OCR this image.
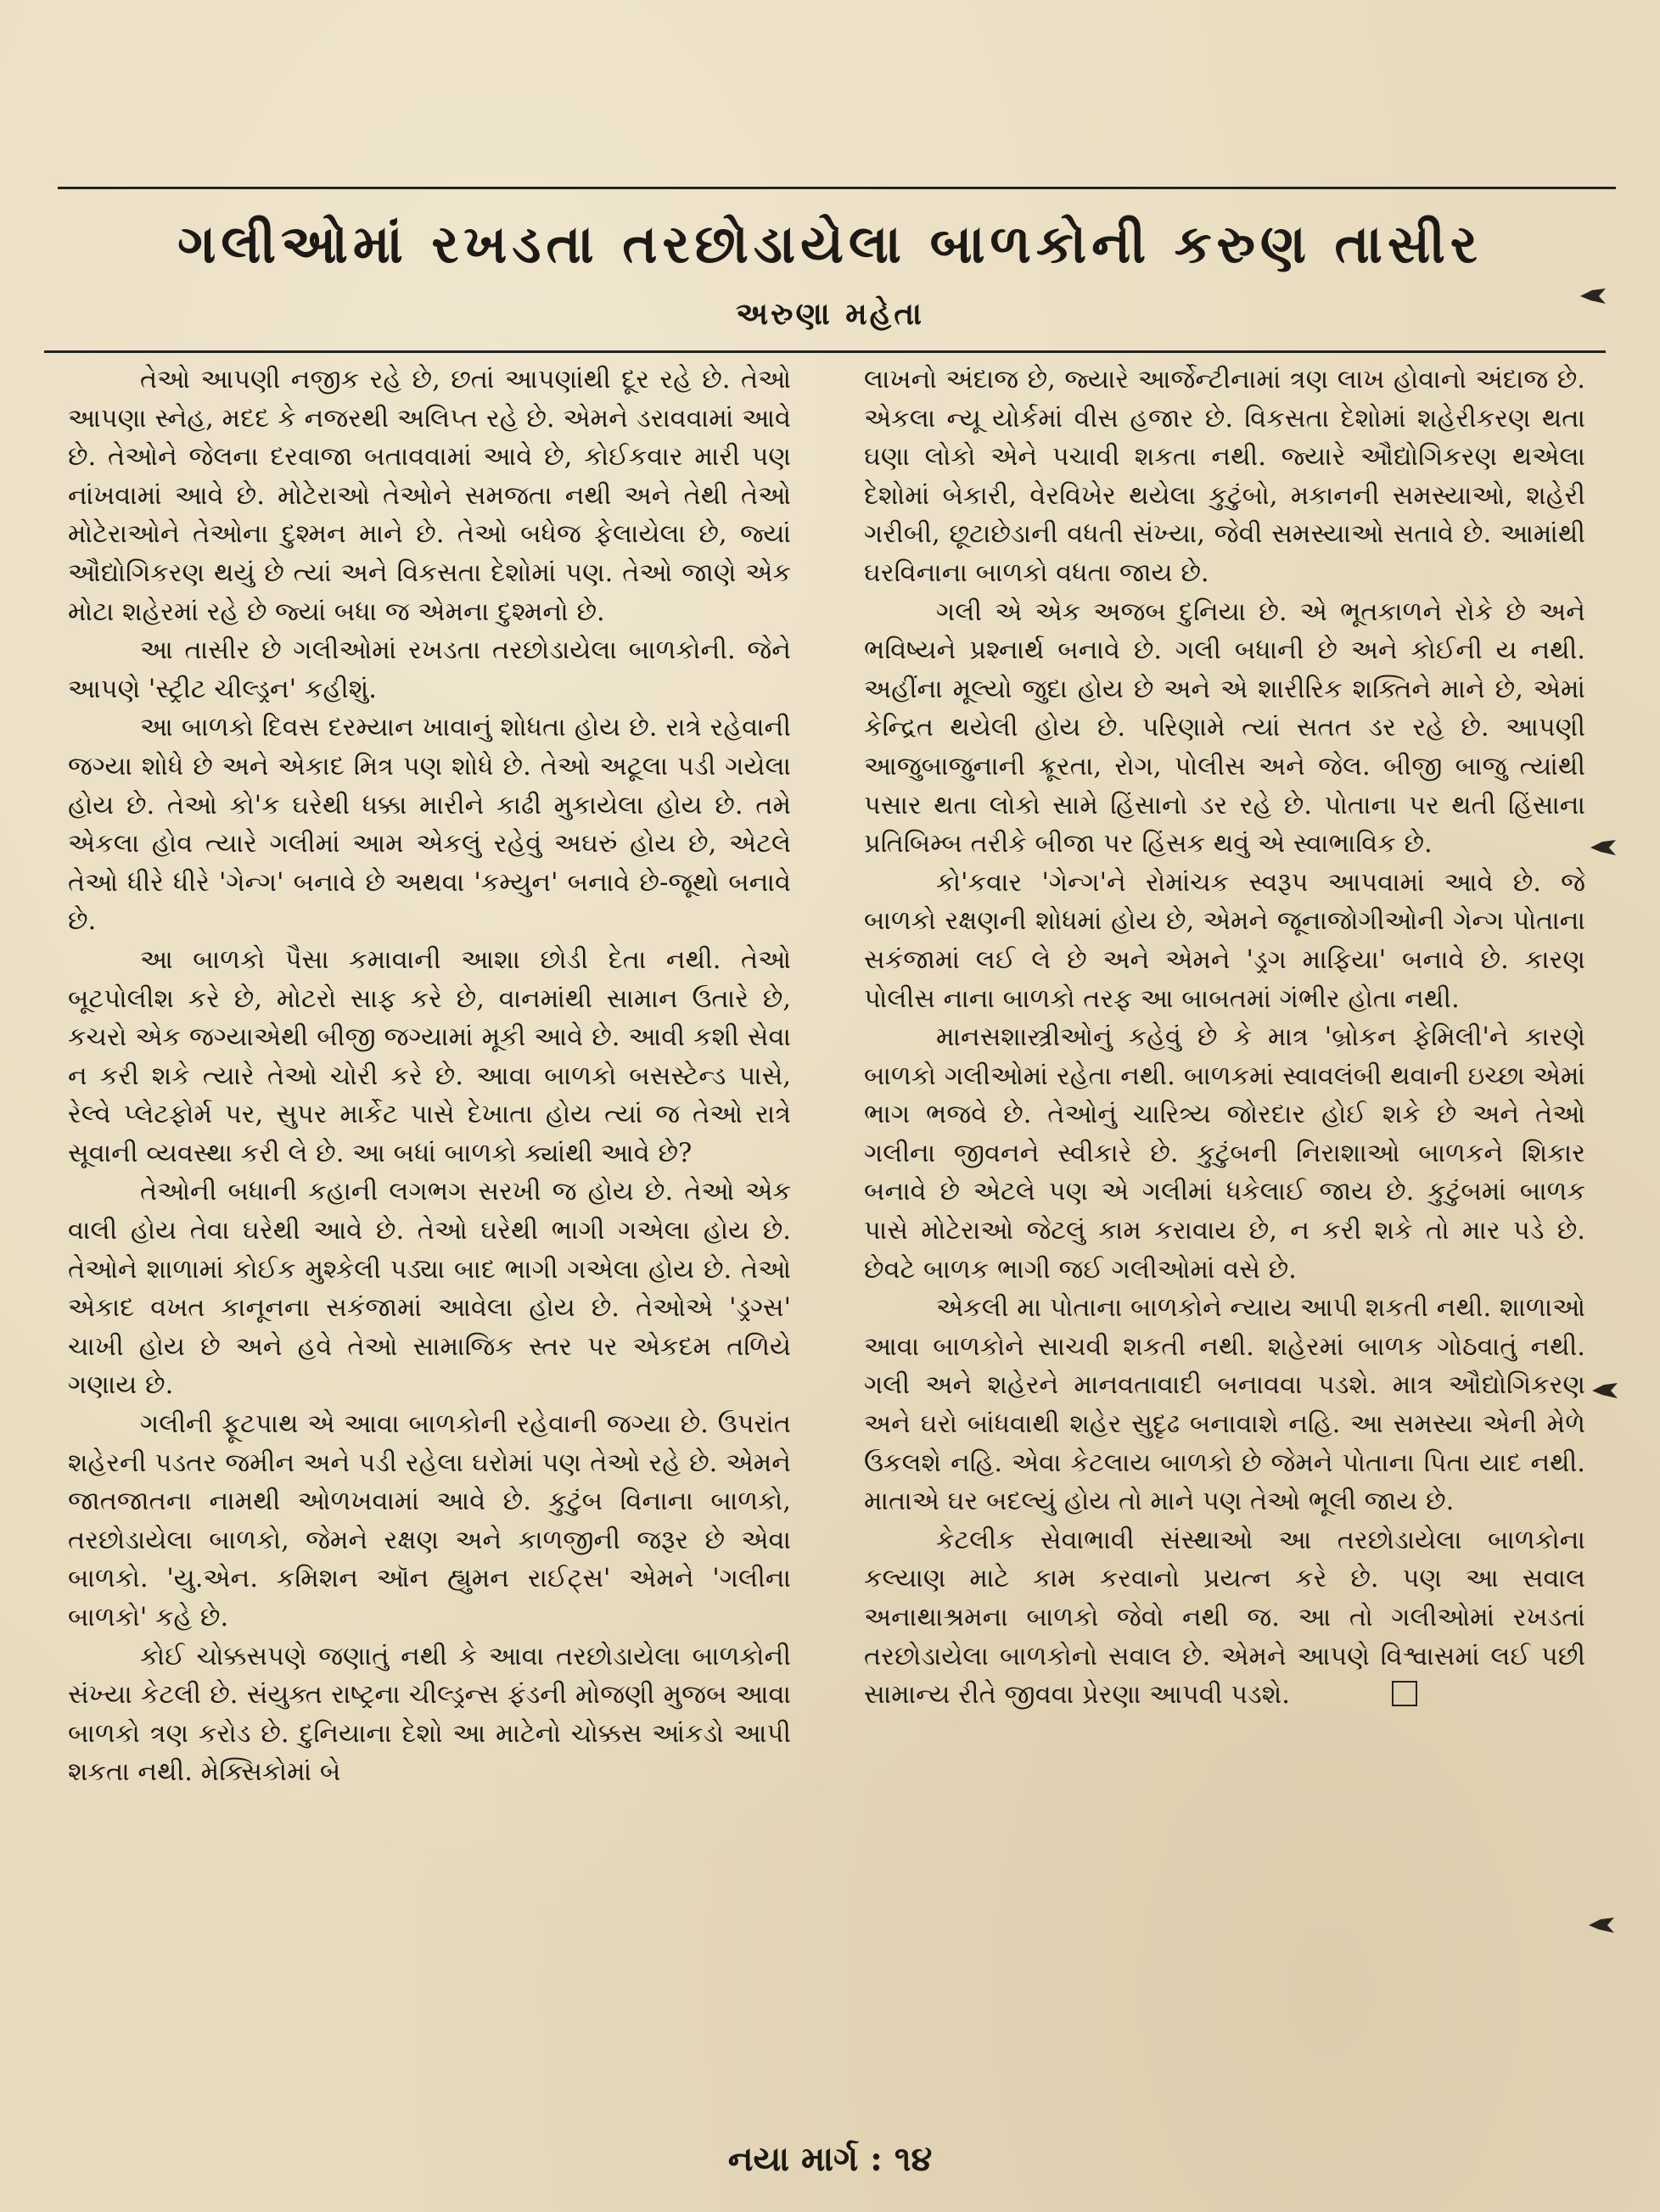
ગલીઓમાં રખડતા તરછોડાયેલા બાળકોની કરુણ તાસીર
અરુણા મહેતા

તેઓ આપણી નજીક રહે છે, છતાં આપણાંથી દૂર રહે છે. તેઓ આપણા સ્નેહ, મદદ કે નજરથી અલિપ્ત રહે છે. એમને ડરાવવામાં આવે છે. તેઓને જેલના દરવાજા બતાવવામાં આવે છે, કોઈકવાર મારી પણ નાંખવામાં આવે છે. મોટેરાઓ તેઓને સમજતા નથી અને તેથી તેઓ મોટેરાઓને તેઓના દુશ્મન માને છે. તેઓ બધેજ ફેલાયેલા છે, જ્યાં ઔદ્યોગિકરણ થયું છે ત્યાં અને વિકસતા દેશોમાં પણ. તેઓ જાણે એક મોટા શહેરમાં રહે છે જ્યાં બધા જ એમના દુશ્મનો છે.

આ તાસીર છે ગલીઓમાં રખડતા તરછોડાયેલા બાળકોની. જેને આપણે 'સ્ટ્રીટ ચીલ્ડ્રન' કહીશું.

આ બાળકો દિવસ દરમ્યાન ખાવાનું શોધતા હોય છે. રાત્રે રહેવાની જગ્યા શોધે છે અને એકાદ મિત્ર પણ શોધે છે. તેઓ અટૂલા પડી ગયેલા હોય છે. તેઓ કો'ક ઘરેથી ધક્કા મારીને કાઢી મુકાયેલા હોય છે. તમે એકલા હોવ ત્યારે ગલીમાં આમ એકલું રહેવું અઘરું હોય છે, એટલે તેઓ ધીરે ધીરે 'ગેન્ગ' બનાવે છે અથવા 'કમ્યુન' બનાવે છે-જૂથો બનાવે છે.

આ બાળકો પૈસા કમાવાની આશા છોડી દેતા નથી. તેઓ બૂટપોલીશ કરે છે, મોટરો સાફ કરે છે, વાનમાંથી સામાન ઉતારે છે, કચરો એક જગ્યાએથી બીજી જગ્યામાં મૂકી આવે છે. આવી કશી સેવા ન કરી શકે ત્યારે તેઓ ચોરી કરે છે. આવા બાળકો બસસ્ટેન્ડ પાસે, રેલ્વે પ્લેટફોર્મ પર, સુપર માર્કેટ પાસે દેખાતા હોય ત્યાં જ તેઓ રાત્રે સૂવાની વ્યવસ્થા કરી લે છે. આ બધાં બાળકો ક્યાંથી આવે છે?

તેઓની બધાની કહાની લગભગ સરખી જ હોય છે. તેઓ એક વાલી હોય તેવા ઘરેથી આવે છે. તેઓ ઘરેથી ભાગી ગએલા હોય છે. તેઓને શાળામાં કોઈક મુશ્કેલી પડ્યા બાદ ભાગી ગએલા હોય છે. તેઓ એકાદ વખત કાનૂનના સકંજામાં આવેલા હોય છે. તેઓએ 'ડ્રગ્સ' ચાખી હોય છે અને હવે તેઓ સામાજિક સ્તર પર એકદમ તળિયે ગણાય છે.

ગલીની ફૂટપાથ એ આવા બાળકોની રહેવાની જગ્યા છે. ઉપરાંત શહેરની પડતર જમીન અને પડી રહેલા ઘરોમાં પણ તેઓ રહે છે. એમને જાતજાતના નામથી ઓળખવામાં આવે છે. કુટુંબ વિનાના બાળકો, તરછોડાયેલા બાળકો, જેમને રક્ષણ અને કાળજીની જરૂર છે એવા બાળકો. 'યુ.એન. કમિશન ઑન હ્યુમન રાઈટ્સ' એમને 'ગલીના બાળકો' કહે છે.

કોઈ ચોક્કસપણે જણાતું નથી કે આવા તરછોડાયેલા બાળકોની સંખ્યા કેટલી છે. સંયુક્ત રાષ્ટ્રના ચીલ્ડ્રન્સ ફંડની મોજણી મુજબ આવા બાળકો ત્રણ કરોડ છે. દુનિયાના દેશો આ માટેનો ચોક્કસ આંકડો આપી શકતા નથી. મેક્સિકોમાં બે

લાખનો અંદાજ છે, જ્યારે આર્જેન્ટીનામાં ત્રણ લાખ હોવાનો અંદાજ છે. એકલા ન્યૂ યોર્કમાં વીસ હજાર છે. વિકસતા દેશોમાં શહેરીકરણ થતા ઘણા લોકો એને પચાવી શકતા નથી. જ્યારે ઔદ્યોગિકરણ થએલા દેશોમાં બેકારી, વેરવિખેર થયેલા કુટુંબો, મકાનની સમસ્યાઓ, શહેરી ગરીબી, છૂટાછેડાની વધતી સંખ્યા, જેવી સમસ્યાઓ સતાવે છે. આમાંથી ઘરવિનાના બાળકો વધતા જાય છે.

ગલી એ એક અજબ દુનિયા છે. એ ભૂતકાળને રોકે છે અને ભવિષ્યને પ્રશ્નાર્થ બનાવે છે. ગલી બધાની છે અને કોઈની ય નથી. અહીંના મૂલ્યો જુદા હોય છે અને એ શારીરિક શક્તિને માને છે, એમાં કેન્દ્રિત થયેલી હોય છે. પરિણામે ત્યાં સતત ડર રહે છે. આપણી આજુબાજુનાની ક્રૂરતા, રોગ, પોલીસ અને જેલ. બીજી બાજુ ત્યાંથી પસાર થતા લોકો સામે હિંસાનો ડર રહે છે. પોતાના પર થતી હિંસાના પ્રતિબિમ્બ તરીકે બીજા પર હિંસક થવું એ સ્વાભાવિક છે.

કો'કવાર 'ગેન્ગ'ને રોમાંચક સ્વરૂપ આપવામાં આવે છે. જે બાળકો રક્ષણની શોધમાં હોય છે, એમને જૂનાજોગીઓની ગેન્ગ પોતાના સકંજામાં લઈ લે છે અને એમને 'ડ્રગ માફિયા' બનાવે છે. કારણ પોલીસ નાના બાળકો તરફ આ બાબતમાં ગંભીર હોતા નથી.

માનસશાસ્ત્રીઓનું કહેવું છે કે માત્ર 'બ્રોકન ફેમિલી'ને કારણે બાળકો ગલીઓમાં રહેતા નથી. બાળકમાં સ્વાવલંબી થવાની ઇચ્છા એમાં ભાગ ભજવે છે. તેઓનું ચારિત્ર્ય જોરદાર હોઈ શકે છે અને તેઓ ગલીના જીવનને સ્વીકારે છે. કુટુંબની નિરાશાઓ બાળકને શિકાર બનાવે છે એટલે પણ એ ગલીમાં ધકેલાઈ જાય છે. કુટુંબમાં બાળક પાસે મોટેરાઓ જેટલું કામ કરાવાય છે, ન કરી શકે તો માર પડે છે. છેવટે બાળક ભાગી જઈ ગલીઓમાં વસે છે.

એકલી મા પોતાના બાળકોને ન્યાય આપી શકતી નથી. શાળાઓ આવા બાળકોને સાચવી શકતી નથી. શહેરમાં બાળક ગોઠવાતું નથી. ગલી અને શહેરને માનવતાવાદી બનાવવા પડશે. માત્ર ઔદ્યોગિકરણ અને ઘરો બાંધવાથી શહેર સુદૃઢ બનાવાશે નહિ. આ સમસ્યા એની મેળે ઉકલશે નહિ. એવા કેટલાય બાળકો છે જેમને પોતાના પિતા યાદ નથી. માતાએ ઘર બદલ્યું હોય તો માને પણ તેઓ ભૂલી જાય છે.

કેટલીક સેવાભાવી સંસ્થાઓ આ તરછોડાયેલા બાળકોના કલ્યાણ માટે કામ કરવાનો પ્રયત્ન કરે છે. પણ આ સવાલ અનાથાશ્રમના બાળકો જેવો નથી જ. આ તો ગલીઓમાં રખડતાં તરછોડાયેલા બાળકોનો સવાલ છે. એમને આપણે વિશ્વાસમાં લઈ પછી સામાન્ય રીતે જીવવા પ્રેરણા આપવી પડશે.

નયા માર્ગ : ૧૪
